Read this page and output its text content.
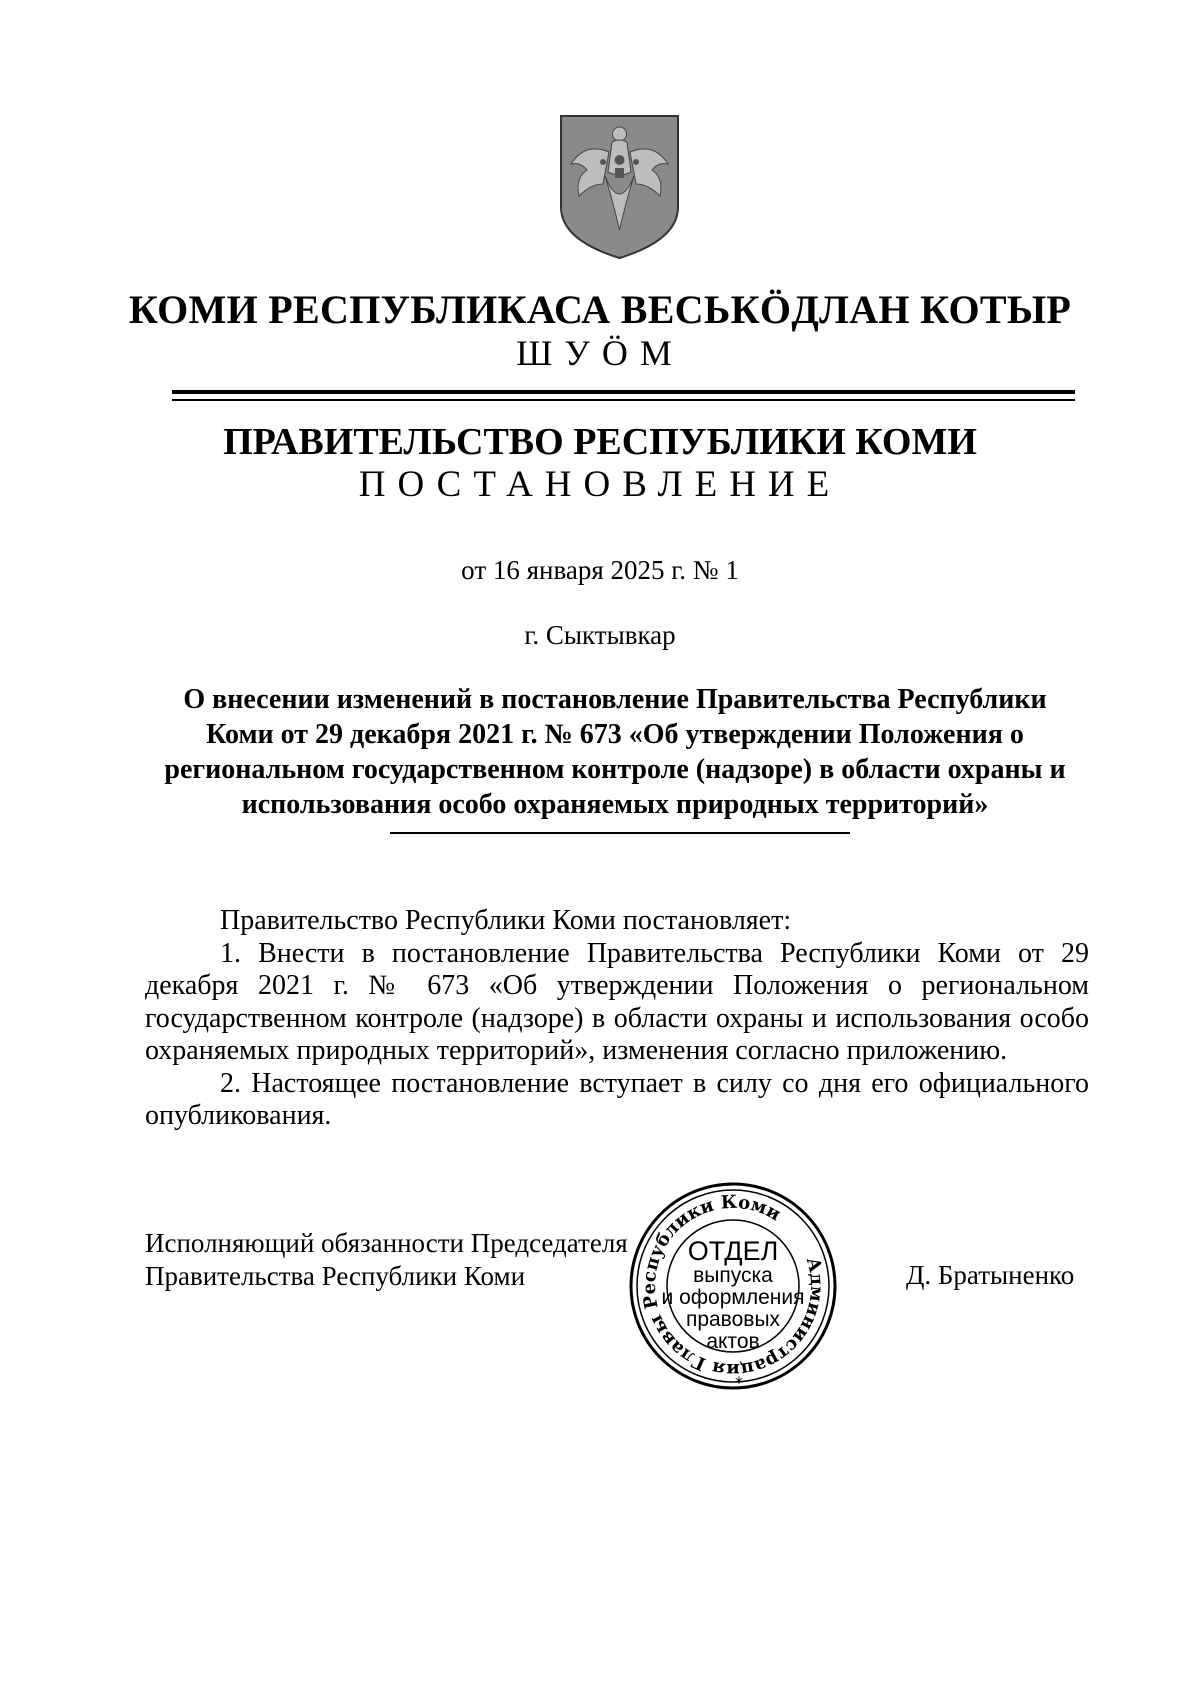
КОМИ РЕСПУБЛИКАСА ВЕСЬКӦДЛАН КОТЫР
ШУӦМ
ПРАВИТЕЛЬСТВО РЕСПУБЛИКИ КОМИ
ПОСТАНОВЛЕНИЕ
от 16 января 2025 г. № 1
г. Сыктывкар
О внесении изменений в постановление Правительства Республики
Коми от 29 декабря 2021 г. № 673 «Об утверждении Положения о
региональном государственном контроле (надзоре) в области охраны и
использования особо охраняемых природных территорий»

Правительство Республики Коми постановляет:

1. Внести в постановление Правительства Республики Коми от 29 декабря 2021 г. № 673 «Об утверждении Положения о региональном государственном контроле (надзоре) в области охраны и использования особо охраняемых природных территорий», изменения согласно приложению.

2. Настоящее постановление вступает в силу со дня его официального опубликования.

Исполняющий обязанности Председателя
Правительства Республики Коми	Д. Братыненко
Администрация Главы Республики Коми
ОТДЕЛ
выпуска
и оформления
правовых
актов
*
